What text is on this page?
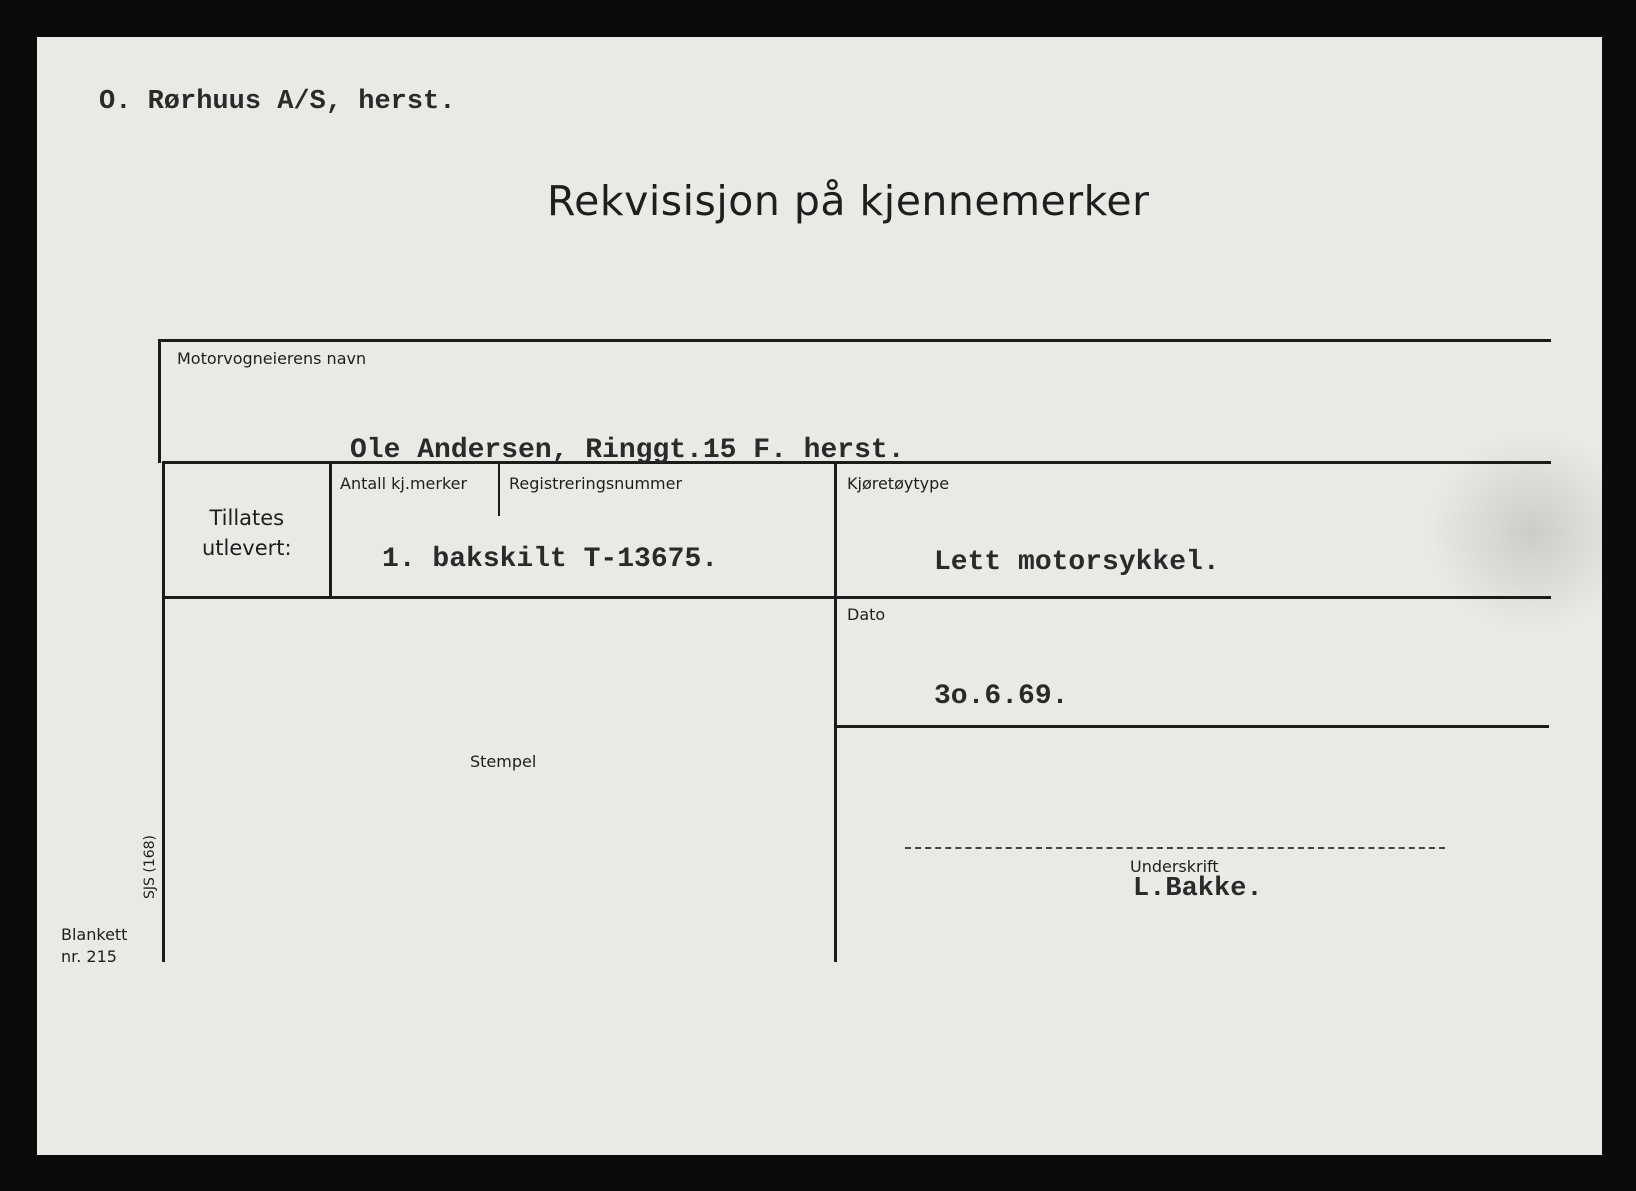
O. Rørhuus A/S, herst.
Rekvisisjon på kjennemerker
Motorvogneierens navn
Ole Andersen, Ringgt.15 F. herst.
Tillates
utlevert:
Antall kj.merker	Registreringsnummer
1. bakskilt T-13675.
Kjøretøytype
Lett motorsykkel.
Dato
3o.6.69.
Stempel
Underskrift
L.Bakke.
SJS (168)
Blankett
nr. 215
